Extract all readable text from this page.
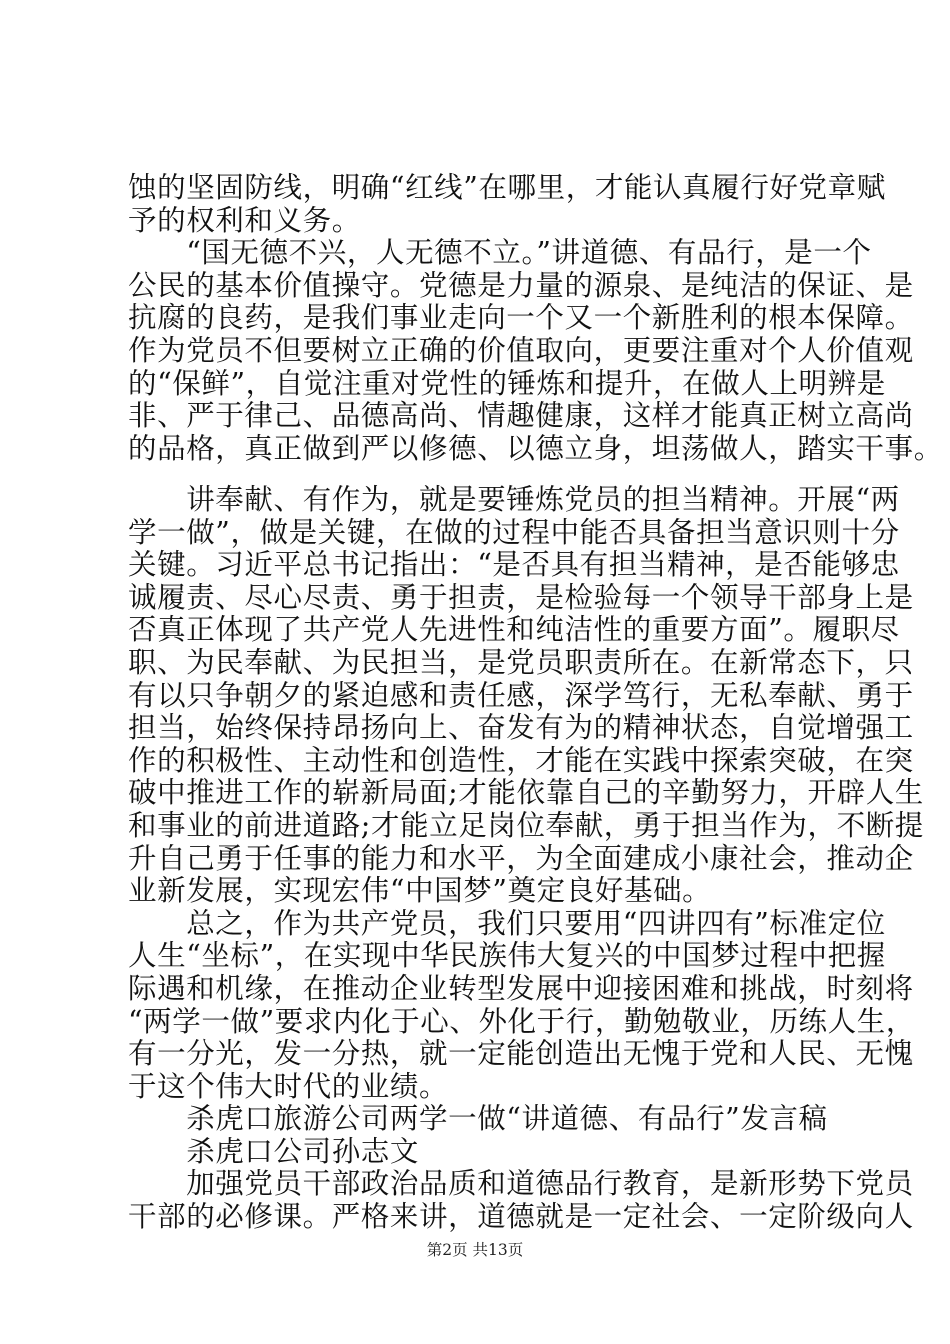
蚀的坚固防线，明确“红线”在哪里，才能认真履行好党章赋
予的权利和义务。
　　“国无德不兴，人无德不立。”讲道德、有品行，是一个
公民的基本价值操守。党德是力量的源泉、是纯洁的保证、是
抗腐的良药，是我们事业走向一个又一个新胜利的根本保障。
作为党员不但要树立正确的价值取向，更要注重对个人价值观
的“保鲜”，自觉注重对党性的锤炼和提升，在做人上明辨是
非、严于律己、品德高尚、情趣健康，这样才能真正树立高尚
的品格，真正做到严以修德、以德立身，坦荡做人，踏实干事。
　　讲奉献、有作为，就是要锤炼党员的担当精神。开展“两
学一做”，做是关键，在做的过程中能否具备担当意识则十分
关键。习近平总书记指出：“是否具有担当精神，是否能够忠
诚履责、尽心尽责、勇于担责，是检验每一个领导干部身上是
否真正体现了共产党人先进性和纯洁性的重要方面”。履职尽
职、为民奉献、为民担当，是党员职责所在。在新常态下，只
有以只争朝夕的紧迫感和责任感，深学笃行，无私奉献、勇于
担当，始终保持昂扬向上、奋发有为的精神状态，自觉增强工
作的积极性、主动性和创造性，才能在实践中探索突破，在突
破中推进工作的崭新局面;才能依靠自己的辛勤努力，开辟人生
和事业的前进道路;才能立足岗位奉献，勇于担当作为，不断提
升自己勇于任事的能力和水平，为全面建成小康社会，推动企
业新发展，实现宏伟“中国梦”奠定良好基础。
　　总之，作为共产党员，我们只要用“四讲四有”标准定位
人生“坐标”，在实现中华民族伟大复兴的中国梦过程中把握
际遇和机缘，在推动企业转型发展中迎接困难和挑战，时刻将
“两学一做”要求内化于心、外化于行，勤勉敬业，历练人生，
有一分光，发一分热，就一定能创造出无愧于党和人民、无愧
于这个伟大时代的业绩。
　　杀虎口旅游公司两学一做“讲道德、有品行”发言稿
　　杀虎口公司孙志文
　　加强党员干部政治品质和道德品行教育，是新形势下党员
干部的必修课。严格来讲，道德就是一定社会、一定阶级向人
第2页 共13页
